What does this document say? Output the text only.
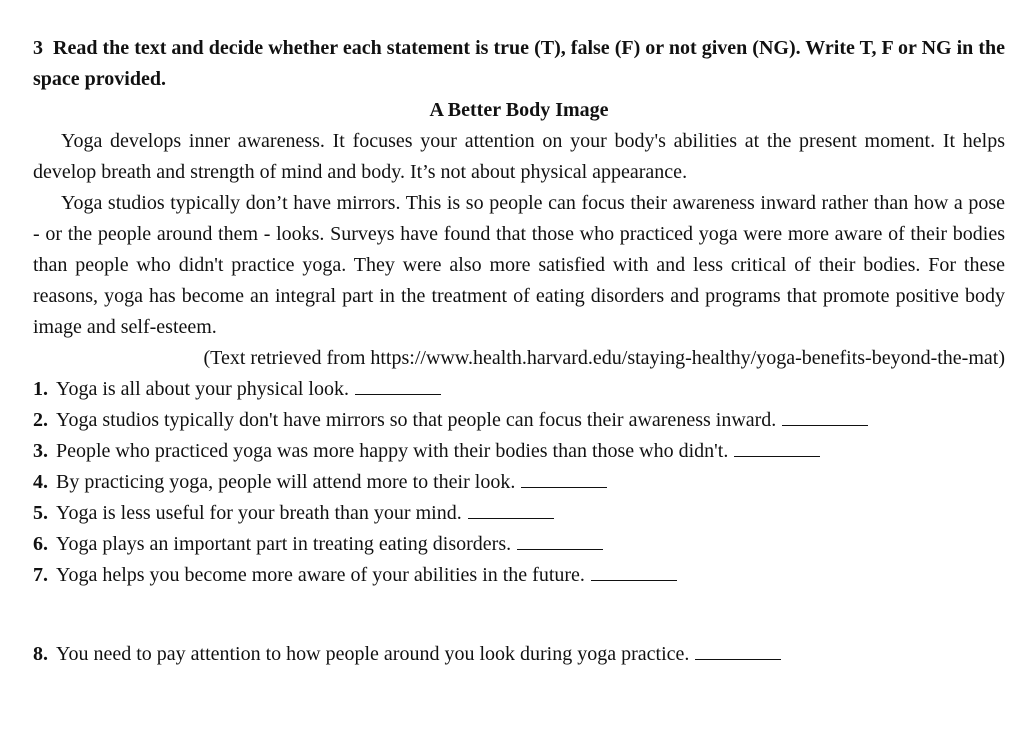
3 Read the text and decide whether each statement is true (T), false (F) or not given (NG). Write T, F or NG in the space provided.

A Better Body Image

Yoga develops inner awareness. It focuses your attention on your body's abilities at the present moment. It helps develop breath and strength of mind and body. It’s not about physical appearance.

Yoga studios typically don’t have mirrors. This is so people can focus their awareness inward rather than how a pose - or the people around them - looks. Surveys have found that those who practiced yoga were more aware of their bodies than people who didn't practice yoga. They were also more satisfied with and less critical of their bodies. For these reasons, yoga has become an integral part in the treatment of eating disorders and programs that promote positive body image and self-esteem.

(Text retrieved from https://www.health.harvard.edu/staying-healthy/yoga-benefits-beyond-the-mat)

1. Yoga is all about your physical look.
2. Yoga studios typically don't have mirrors so that people can focus their awareness inward.
3. People who practiced yoga was more happy with their bodies than those who didn't.
4. By practicing yoga, people will attend more to their look.
5. Yoga is less useful for your breath than your mind.
6. Yoga plays an important part in treating eating disorders.
7. Yoga helps you become more aware of your abilities in the future.
8. You need to pay attention to how people around you look during yoga practice.
